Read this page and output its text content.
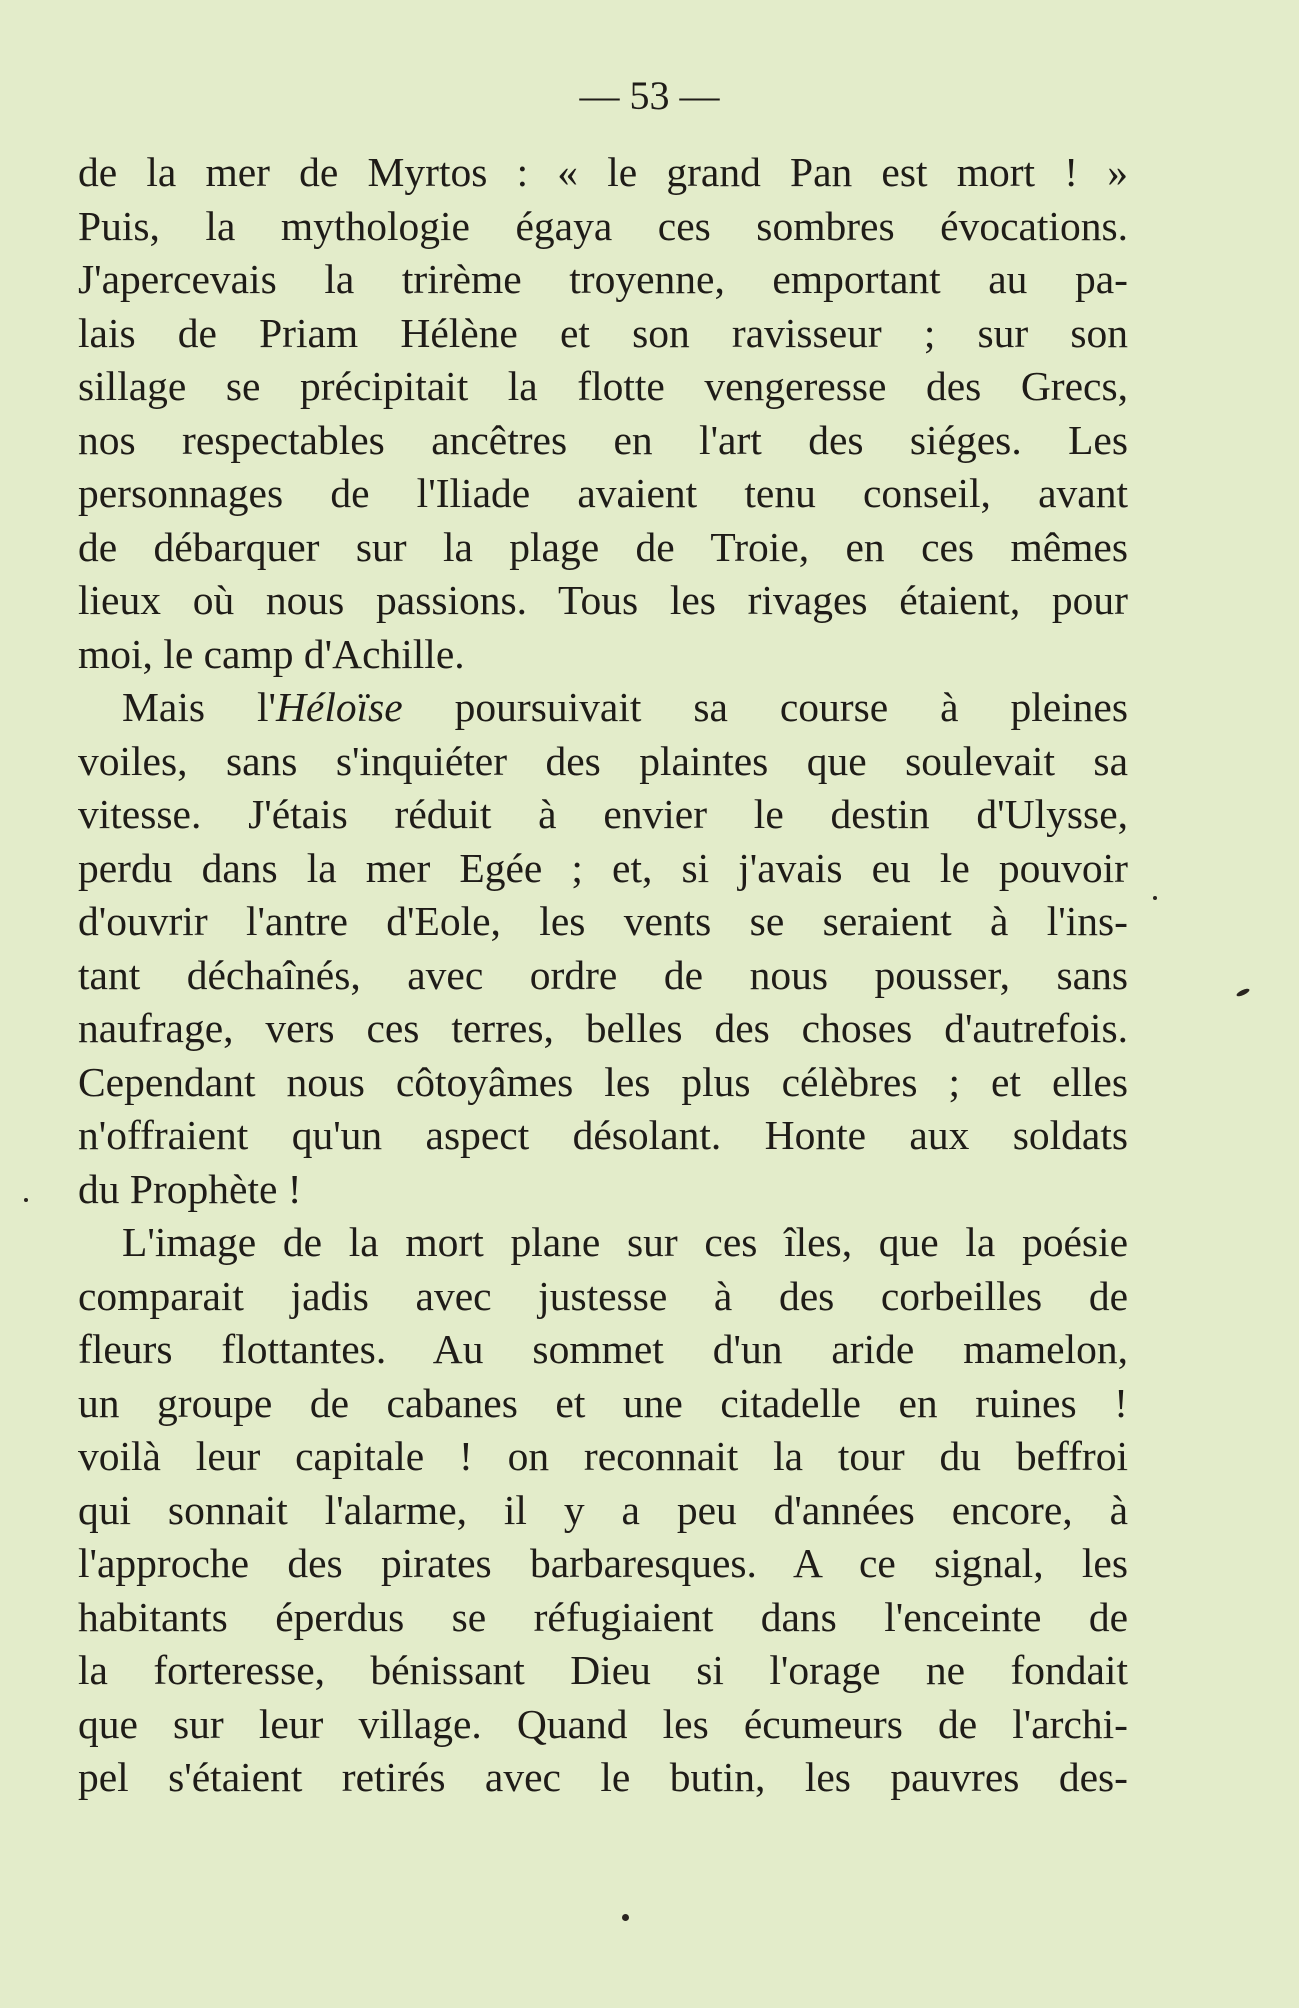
— 53 —

de la mer de Myrtos : « le grand Pan est mort ! »
Puis, la mythologie égaya ces sombres évocations.
J'apercevais la trirème troyenne, emportant au pa-
lais de Priam Hélène et son ravisseur ; sur son
sillage se précipitait la flotte vengeresse des Grecs,
nos respectables ancêtres en l'art des siéges. Les
personnages de l'Iliade avaient tenu conseil, avant
de débarquer sur la plage de Troie, en ces mêmes
lieux où nous passions. Tous les rivages étaient, pour
moi, le camp d'Achille.

Mais l'Héloïse poursuivait sa course à pleines
voiles, sans s'inquiéter des plaintes que soulevait sa
vitesse. J'étais réduit à envier le destin d'Ulysse,
perdu dans la mer Egée ; et, si j'avais eu le pouvoir
d'ouvrir l'antre d'Eole, les vents se seraient à l'ins-
tant déchaînés, avec ordre de nous pousser, sans
naufrage, vers ces terres, belles des choses d'autrefois.
Cependant nous côtoyâmes les plus célèbres ; et elles
n'offraient qu'un aspect désolant. Honte aux soldats
du Prophète !

L'image de la mort plane sur ces îles, que la poésie
comparait jadis avec justesse à des corbeilles de
fleurs flottantes. Au sommet d'un aride mamelon,
un groupe de cabanes et une citadelle en ruines !
voilà leur capitale ! on reconnait la tour du beffroi
qui sonnait l'alarme, il y a peu d'années encore, à
l'approche des pirates barbaresques. A ce signal, les
habitants éperdus se réfugiaient dans l'enceinte de
la forteresse, bénissant Dieu si l'orage ne fondait
que sur leur village. Quand les écumeurs de l'archi-
pel s'étaient retirés avec le butin, les pauvres des-
